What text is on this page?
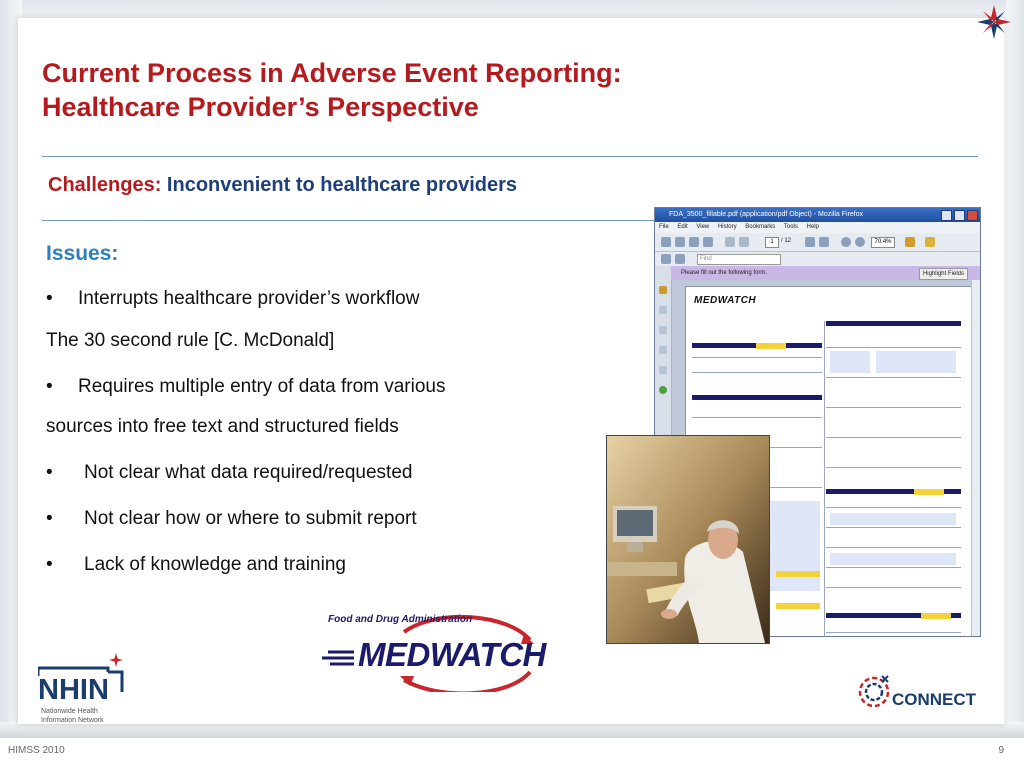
Current Process in Adverse Event Reporting:
Healthcare Provider’s Perspective
Challenges: Inconvenient to healthcare providers
Issues:
• Interrupts healthcare provider’s workflow
The 30 second rule [C. McDonald]
• Requires multiple entry of data from various
sources into free text and structured fields
• Not clear what data required/requested
• Not clear how or where to submit report
• Lack of knowledge and training
FDA_3500_fillable.pdf (application/pdf Object) - Mozilla Firefox
File Edit View History Bookmarks Tools Help
1	/ 12	70.4%
Find
Please fill out the following form.	Highlight Fields
MEDWATCH
Food and Drug Administration
MEDWATCH
NHIN
Nationwide Health Information Network
CONNECT
HIMSS 2010	9
